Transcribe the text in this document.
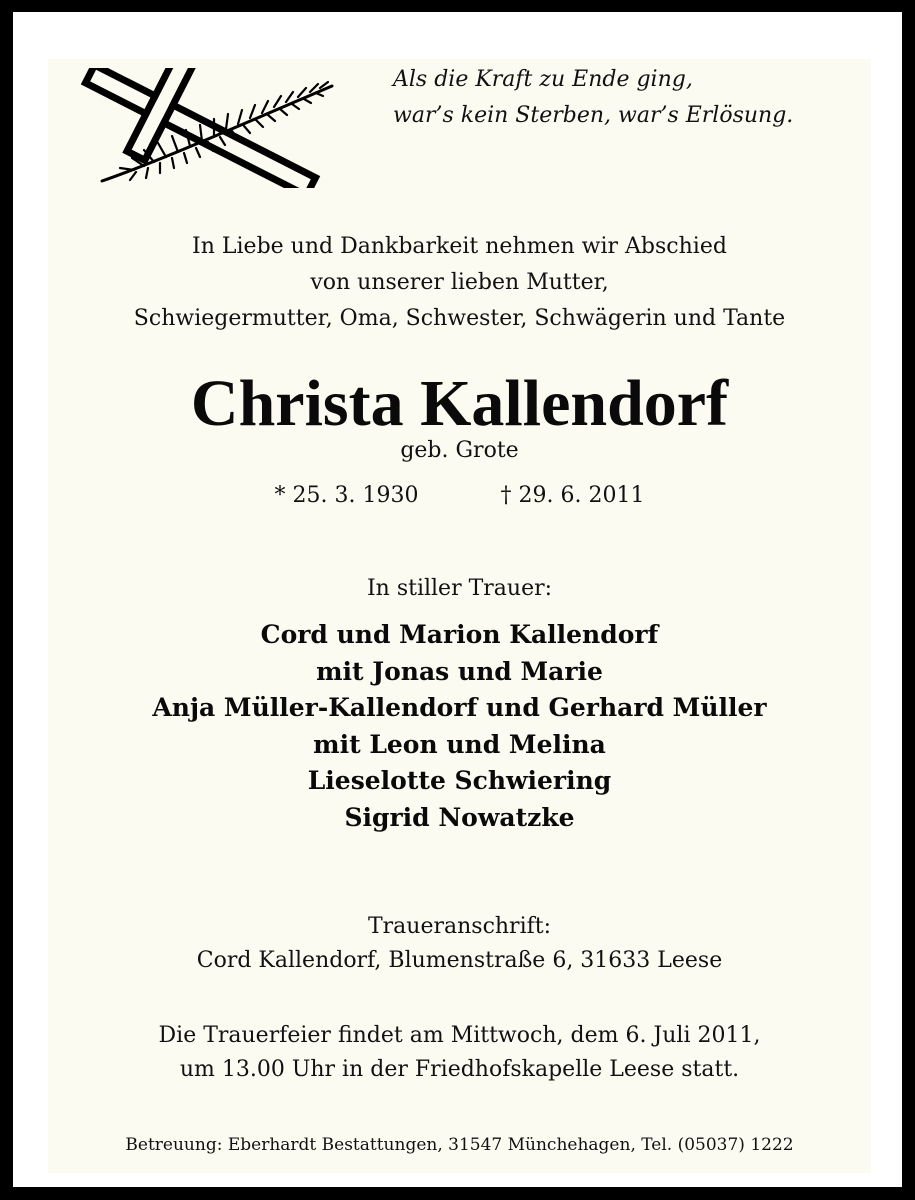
Als die Kraft zu Ende ging,
war’s kein Sterben, war’s Erlösung.
In Liebe und Dankbarkeit nehmen wir Abschied
von unserer lieben Mutter,
Schwiegermutter, Oma, Schwester, Schwägerin und Tante
Christa Kallendorf
geb. Grote
* 25. 3. 1930	† 29. 6. 2011
In stiller Trauer:
Cord und Marion Kallendorf
mit Jonas und Marie
Anja Müller-Kallendorf und Gerhard Müller
mit Leon und Melina
Lieselotte Schwiering
Sigrid Nowatzke
Traueranschrift:
Cord Kallendorf, Blumenstraße 6, 31633 Leese
Die Trauerfeier findet am Mittwoch, dem 6. Juli 2011,
um 13.00 Uhr in der Friedhofskapelle Leese statt.
Betreuung: Eberhardt Bestattungen, 31547 Münchehagen, Tel. (05037) 1222
